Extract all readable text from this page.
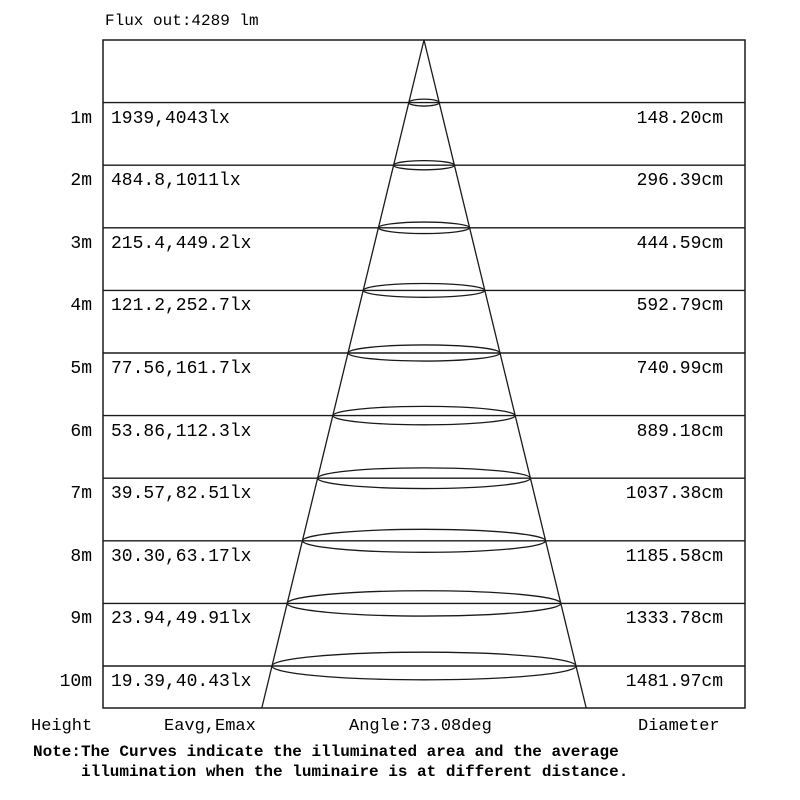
Flux out:4289 lm
1m 1939,4043lx	148.20cm
2m 484.8,1011lx	296.39cm
3m 215.4,449.2lx	444.59cm
4m 121.2,252.7lx	592.79cm
5m 77.56,161.7lx	740.99cm
6m 53.86,112.3lx	889.18cm
7m 39.57,82.51lx	1037.38cm
8m 30.30,63.17lx	1185.58cm
9m 23.94,49.91lx	1333.78cm
10m 19.39,40.43lx	1481.97cm
Height	Eavg,Emax	Angle:73.08deg	Diameter
Note:The Curves indicate the illuminated area and the average
illumination when the luminaire is at different distance.
